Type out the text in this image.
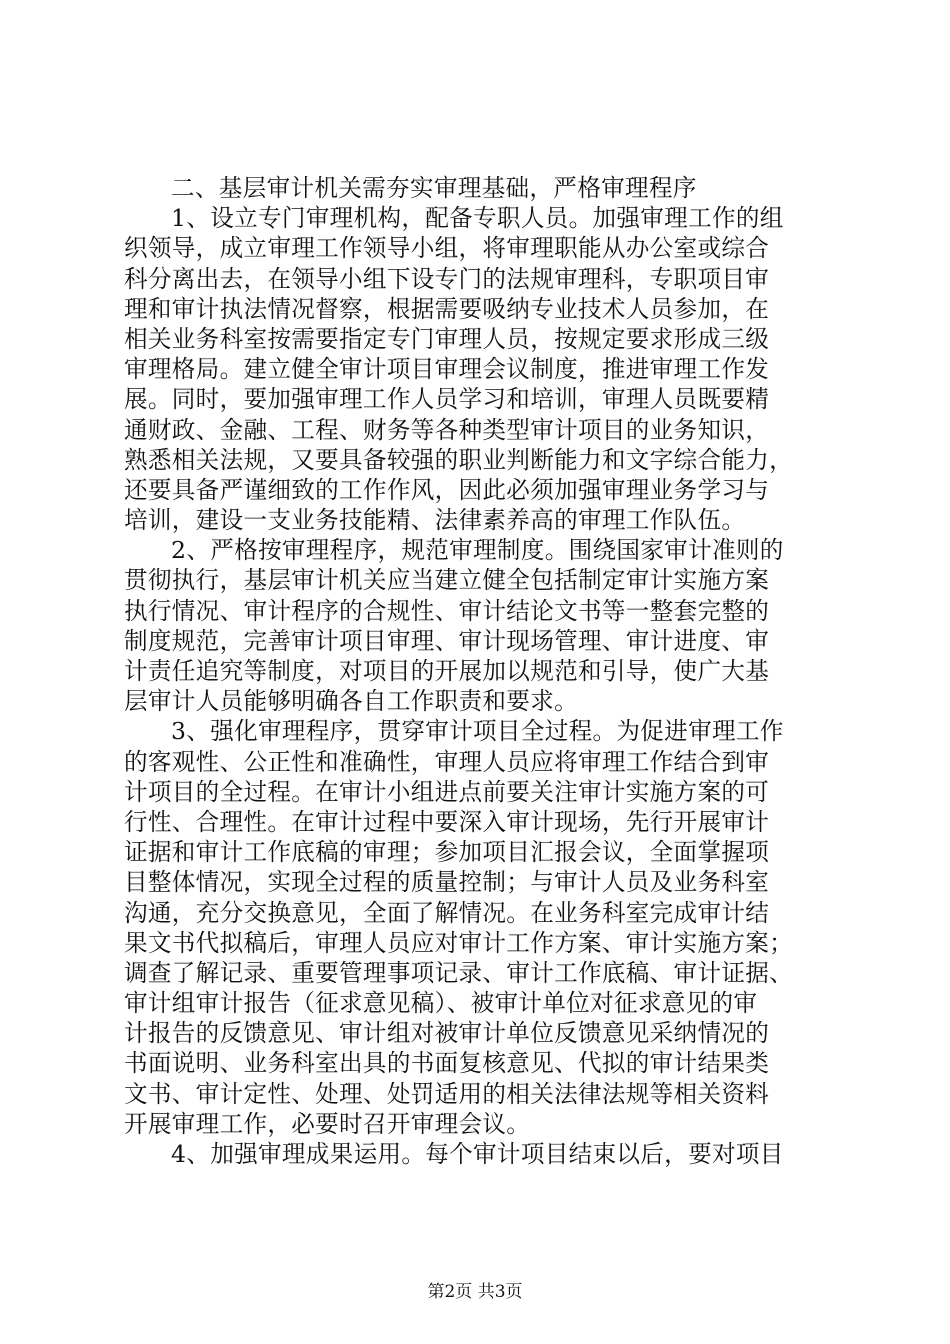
二、基层审计机关需夯实审理基础，严格审理程序
1、设立专门审理机构，配备专职人员。加强审理工作的组
织领导，成立审理工作领导小组，将审理职能从办公室或综合
科分离出去，在领导小组下设专门的法规审理科，专职项目审
理和审计执法情况督察，根据需要吸纳专业技术人员参加，在
相关业务科室按需要指定专门审理人员，按规定要求形成三级
审理格局。建立健全审计项目审理会议制度，推进审理工作发
展。同时，要加强审理工作人员学习和培训，审理人员既要精
通财政、金融、工程、财务等各种类型审计项目的业务知识，
熟悉相关法规，又要具备较强的职业判断能力和文字综合能力，
还要具备严谨细致的工作作风，因此必须加强审理业务学习与
培训，建设一支业务技能精、法律素养高的审理工作队伍。
2、严格按审理程序，规范审理制度。围绕国家审计准则的
贯彻执行，基层审计机关应当建立健全包括制定审计实施方案
执行情况、审计程序的合规性、审计结论文书等一整套完整的
制度规范，完善审计项目审理、审计现场管理、审计进度、审
计责任追究等制度，对项目的开展加以规范和引导，使广大基
层审计人员能够明确各自工作职责和要求。
3、强化审理程序，贯穿审计项目全过程。为促进审理工作
的客观性、公正性和准确性，审理人员应将审理工作结合到审
计项目的全过程。在审计小组进点前要关注审计实施方案的可
行性、合理性。在审计过程中要深入审计现场，先行开展审计
证据和审计工作底稿的审理；参加项目汇报会议，全面掌握项
目整体情况，实现全过程的质量控制；与审计人员及业务科室
沟通，充分交换意见，全面了解情况。在业务科室完成审计结
果文书代拟稿后，审理人员应对审计工作方案、审计实施方案；
调查了解记录、重要管理事项记录、审计工作底稿、审计证据、
审计组审计报告（征求意见稿）、被审计单位对征求意见的审
计报告的反馈意见、审计组对被审计单位反馈意见采纳情况的
书面说明、业务科室出具的书面复核意见、代拟的审计结果类
文书、审计定性、处理、处罚适用的相关法律法规等相关资料
开展审理工作，必要时召开审理会议。
4、加强审理成果运用。每个审计项目结束以后，要对项目
第2页 共3页
